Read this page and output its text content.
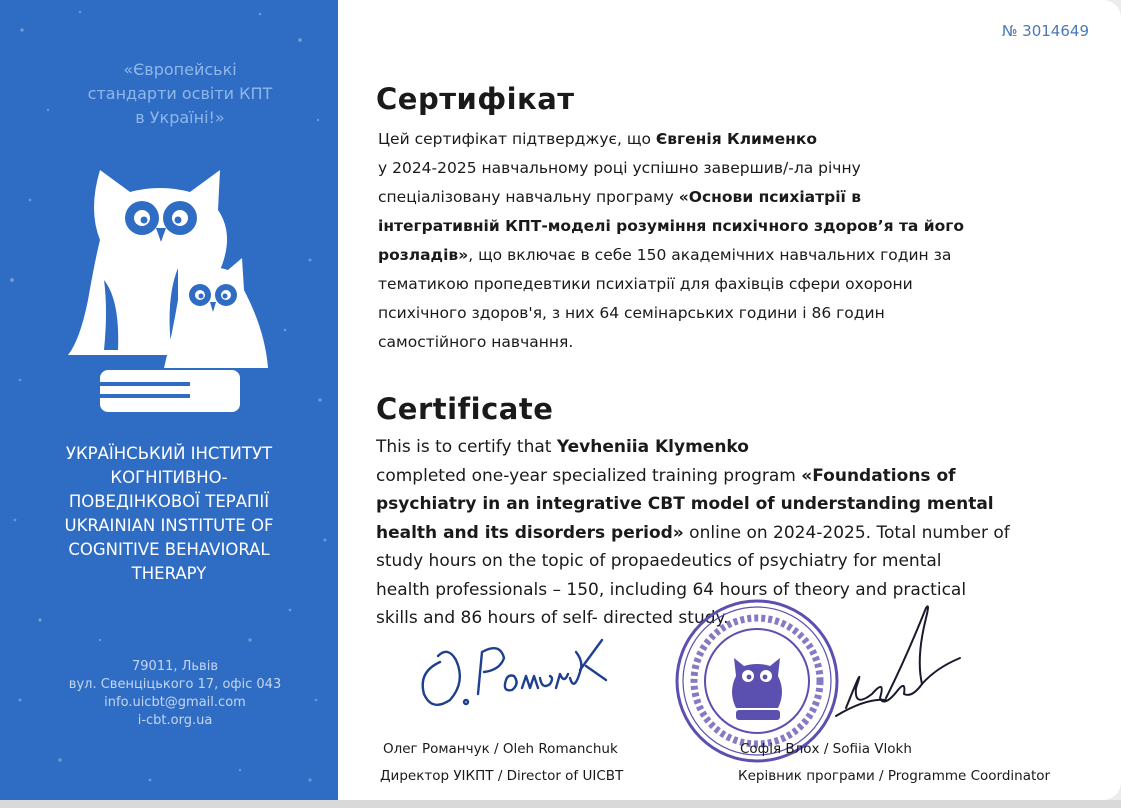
«Європейські
стандарти освіти КПТ
в Україні!»
УКРАЇНСЬКИЙ ІНСТИТУТ
КОГНІТИВНО-
ПОВЕДІНКОВОЇ ТЕРАПІЇ
UKRAINIAN INSTITUTE OF
COGNITIVE BEHAVIORAL
THERAPY
79011, Львів
вул. Свенціцького 17, офіс 043
info.uicbt@gmail.com
i-cbt.org.ua
№ 3014649
Сертифікат
Цей сертифікат підтверджує, що Євгенія Клименко
у 2024-2025 навчальному році успішно завершив/-ла річну
спеціалізовану навчальну програму «Основи психіатрії в
інтегративній КПТ-моделі розуміння психічного здоров’я та його
розладів», що включає в себе 150 академічних навчальних годин за
тематикою пропедевтики психіатрії для фахівців сфери охорони
психічного здоров'я, з них 64 семінарських години і 86 годин
самостійного навчання.
Certificate
This is to certify that Yevheniia Klymenko
completed one-year specialized training program «Foundations of
psychiatry in an integrative CBT model of understanding mental
health and its disorders period» online on 2024-2025. Total number of
study hours on the topic of propaedeutics of psychiatry for mental
health professionals – 150, including 64 hours of theory and practical
skills and 86 hours of self- directed study.
Олег Романчук / Oleh Romanchuk
Директор УІКПТ / Director of UICBT
Софія Влох / Sofiia Vlokh
Керівник програми / Programme Coordinator
